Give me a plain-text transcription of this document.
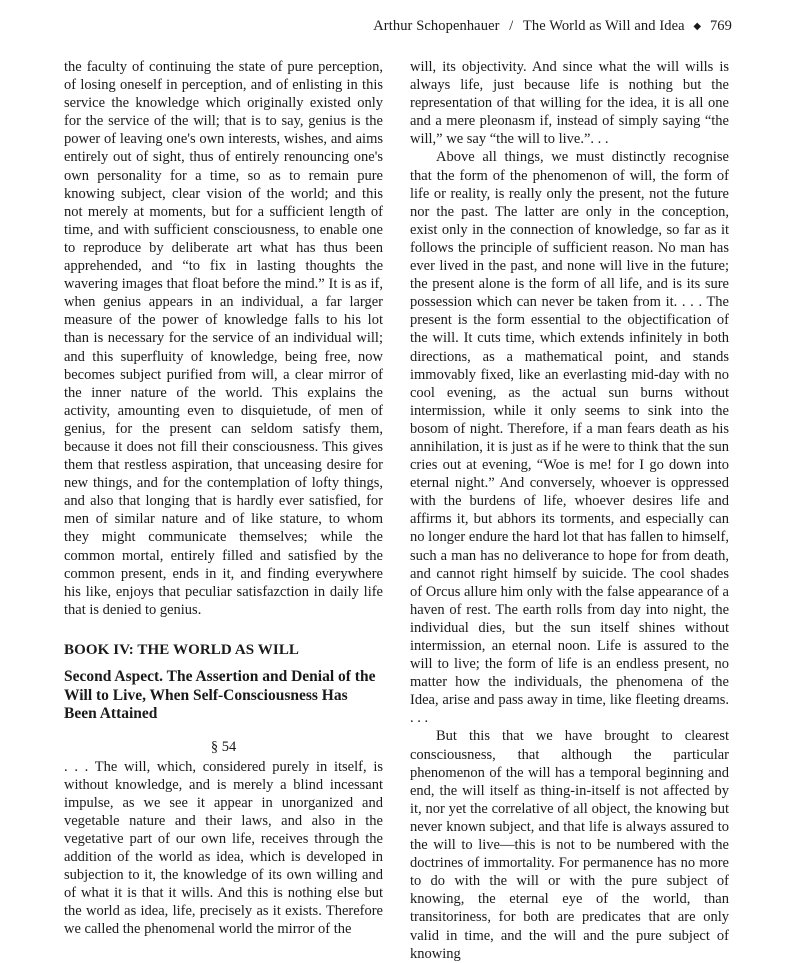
Arthur Schopenhauer / The World as Will and Idea ◆ 769

the faculty of continuing the state of pure perception, of losing oneself in perception, and of enlisting in this service the knowledge which originally existed only for the service of the will; that is to say, genius is the power of leaving one's own interests, wishes, and aims entirely out of sight, thus of entirely renouncing one's own personality for a time, so as to remain pure knowing subject, clear vision of the world; and this not merely at moments, but for a sufficient length of time, and with sufficient consciousness, to enable one to reproduce by deliberate art what has thus been apprehended, and “to fix in lasting thoughts the wavering images that float before the mind.” It is as if, when genius appears in an individual, a far larger measure of the power of knowledge falls to his lot than is necessary for the service of an individual will; and this superfluity of knowledge, being free, now becomes subject purified from will, a clear mirror of the inner nature of the world. This explains the activity, amounting even to disquietude, of men of genius, for the present can seldom satisfy them, because it does not fill their consciousness. This gives them that restless aspiration, that unceasing desire for new things, and for the contemplation of lofty things, and also that longing that is hardly ever satisfied, for men of similar nature and of like stature, to whom they might communicate themselves; while the common mortal, entirely filled and satisfied by the common present, ends in it, and finding everywhere his like, enjoys that peculiar satisfazction in daily life that is denied to genius.

BOOK IV: THE WORLD AS WILL
Second Aspect. The Assertion and Denial of the Will to Live, When Self-Consciousness Has Been Attained
§ 54

. . . The will, which, considered purely in itself, is without knowledge, and is merely a blind incessant impulse, as we see it appear in unorganized and vegetable nature and their laws, and also in the vegetative part of our own life, receives through the addition of the world as idea, which is developed in subjection to it, the knowledge of its own willing and of what it is that it wills. And this is nothing else but the world as idea, life, precisely as it exists. Therefore we called the phenomenal world the mirror of the

will, its objectivity. And since what the will wills is always life, just because life is nothing but the representation of that willing for the idea, it is all one and a mere pleonasm if, instead of simply saying “the will,” we say “the will to live.”. . .

Above all things, we must distinctly recognise that the form of the phenomenon of will, the form of life or reality, is really only the present, not the future nor the past. The latter are only in the conception, exist only in the connection of knowledge, so far as it follows the principle of sufficient reason. No man has ever lived in the past, and none will live in the future; the present alone is the form of all life, and is its sure possession which can never be taken from it. . . . The present is the form essential to the objectification of the will. It cuts time, which extends infinitely in both directions, as a mathematical point, and stands immovably fixed, like an everlasting mid-day with no cool evening, as the actual sun burns without intermission, while it only seems to sink into the bosom of night. Therefore, if a man fears death as his annihilation, it is just as if he were to think that the sun cries out at evening, “Woe is me! for I go down into eternal night.” And conversely, whoever is oppressed with the burdens of life, whoever desires life and affirms it, but abhors its torments, and especially can no longer endure the hard lot that has fallen to himself, such a man has no deliverance to hope for from death, and cannot right himself by suicide. The cool shades of Orcus allure him only with the false appearance of a haven of rest. The earth rolls from day into night, the individual dies, but the sun itself shines without intermission, an eternal noon. Life is assured to the will to live; the form of life is an endless present, no matter how the individuals, the phenomena of the Idea, arise and pass away in time, like fleeting dreams. . . .

But this that we have brought to clearest consciousness, that although the particular phenomenon of the will has a temporal beginning and end, the will itself as thing-in-itself is not affected by it, nor yet the correlative of all object, the knowing but never known subject, and that life is always assured to the will to live—this is not to be numbered with the doctrines of immortality. For permanence has no more to do with the will or with the pure subject of knowing, the eternal eye of the world, than transitoriness, for both are predicates that are only valid in time, and the will and the pure subject of knowing
